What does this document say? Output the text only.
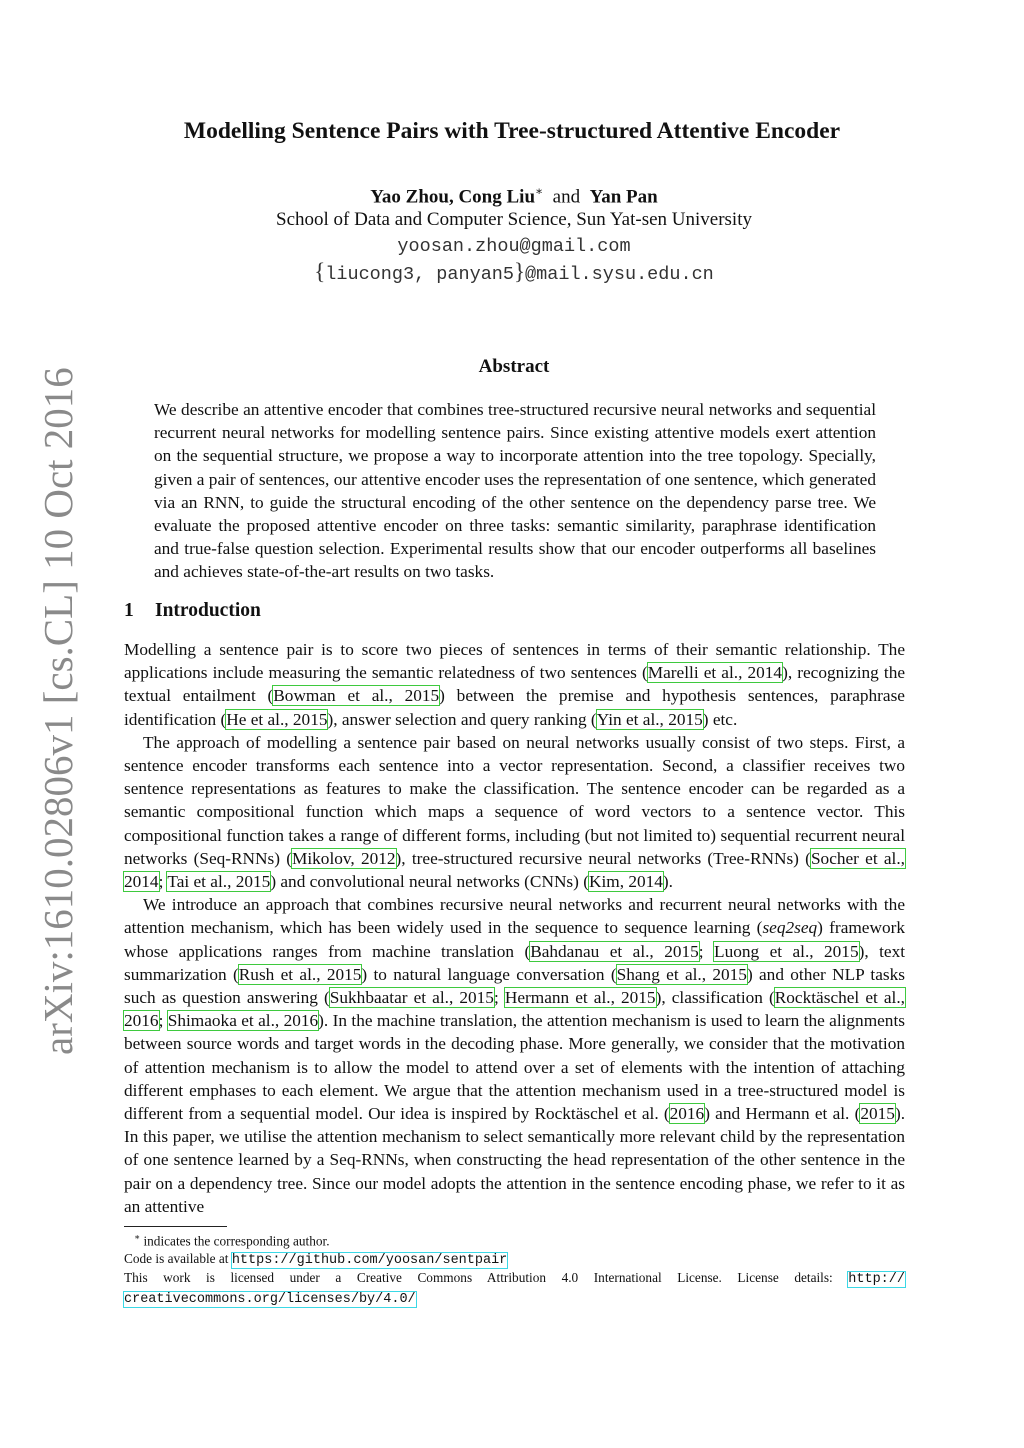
arXiv:1610.02806v1 [cs.CL] 10 Oct 2016
Modelling Sentence Pairs with Tree-structured Attentive Encoder
Yao Zhou, Cong Liu∗ and Yan Pan
School of Data and Computer Science, Sun Yat-sen University
yoosan.zhou@gmail.com
{liucong3, panyan5}@mail.sysu.edu.cn
Abstract
We describe an attentive encoder that combines tree-structured recursive neural networks and sequential recurrent neural networks for modelling sentence pairs. Since existing attentive models exert attention on the sequential structure, we propose a way to incorporate attention into the tree topology. Specially, given a pair of sentences, our attentive encoder uses the representation of one sentence, which generated via an RNN, to guide the structural encoding of the other sentence on the dependency parse tree. We evaluate the proposed attentive encoder on three tasks: semantic similarity, paraphrase identification and true-false question selection. Experimental results show that our encoder outperforms all baselines and achieves state-of-the-art results on two tasks.
1 Introduction

Modelling a sentence pair is to score two pieces of sentences in terms of their semantic relationship. The applications include measuring the semantic relatedness of two sentences (Marelli et al., 2014), recognizing the textual entailment (Bowman et al., 2015) between the premise and hypothesis sentences, paraphrase identification (He et al., 2015), answer selection and query ranking (Yin et al., 2015) etc.

The approach of modelling a sentence pair based on neural networks usually consist of two steps. First, a sentence encoder transforms each sentence into a vector representation. Second, a classifier receives two sentence representations as features to make the classification. The sentence encoder can be regarded as a semantic compositional function which maps a sequence of word vectors to a sentence vector. This compositional function takes a range of different forms, including (but not limited to) sequential recurrent neural networks (Seq-RNNs) (Mikolov, 2012), tree-structured recursive neural networks (Tree-RNNs) (Socher et al., 2014; Tai et al., 2015) and convolutional neural networks (CNNs) (Kim, 2014).

We introduce an approach that combines recursive neural networks and recurrent neural networks with the attention mechanism, which has been widely used in the sequence to sequence learning (seq2seq) framework whose applications ranges from machine translation (Bahdanau et al., 2015; Luong et al., 2015), text summarization (Rush et al., 2015) to natural language conversation (Shang et al., 2015) and other NLP tasks such as question answering (Sukhbaatar et al., 2015; Hermann et al., 2015), classification (Rocktäschel et al., 2016; Shimaoka et al., 2016). In the machine translation, the attention mechanism is used to learn the alignments between source words and target words in the decoding phase. More generally, we consider that the motivation of attention mechanism is to allow the model to attend over a set of elements with the intention of attaching different emphases to each element. We argue that the attention mechanism used in a tree-structured model is different from a sequential model. Our idea is inspired by Rocktäschel et al. (2016) and Hermann et al. (2015). In this paper, we utilise the attention mechanism to select semantically more relevant child by the representation of one sentence learned by a Seq-RNNs, when constructing the head representation of the other sentence in the pair on a dependency tree. Since our model adopts the attention in the sentence encoding phase, we refer to it as an attentive

∗ indicates the corresponding author.

Code is available at https://github.com/yoosan/sentpair

This work is licensed under a Creative Commons Attribution 4.0 International License. License details: http://

creativecommons.org/licenses/by/4.0/
